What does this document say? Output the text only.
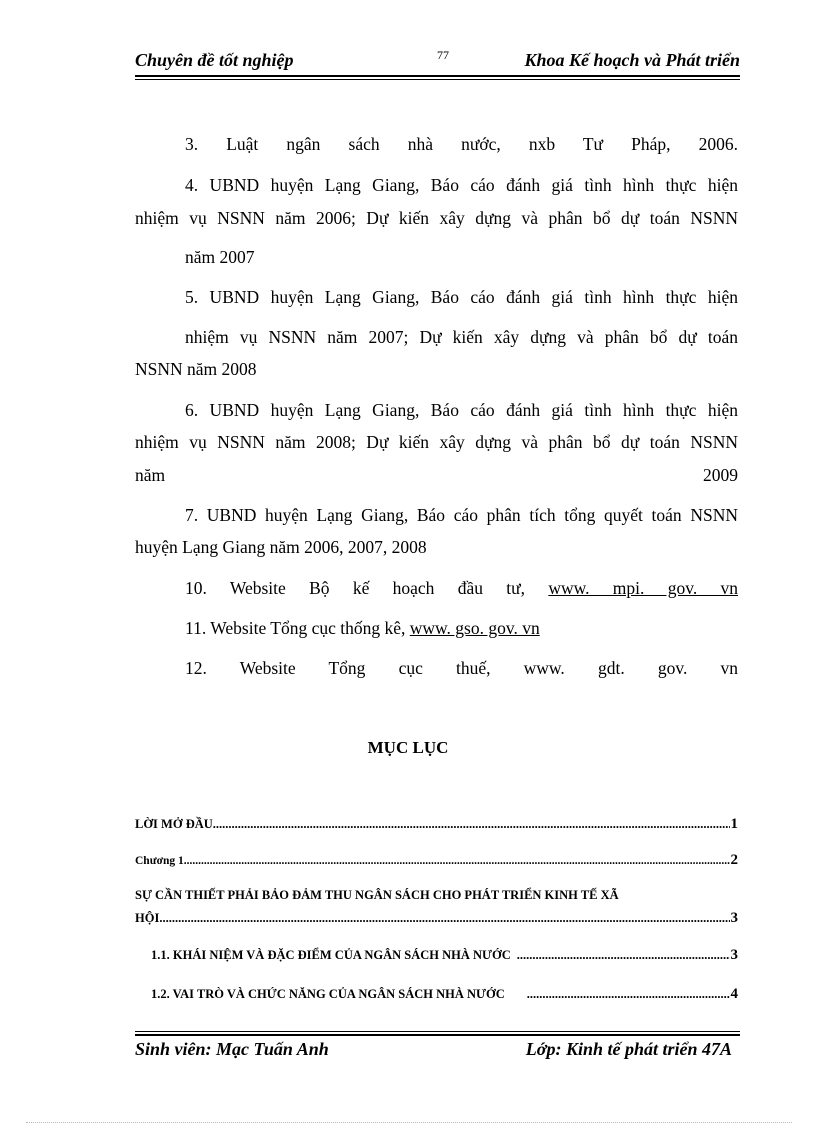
Chuyên đề tốt nghiệp	77	Khoa Kế hoạch và Phát triển
3. Luật ngân sách nhà nước, nxb Tư Pháp, 2006.
4. UBND huyện Lạng Giang, Báo cáo đánh giá tình hình thực hiện
nhiệm vụ NSNN năm 2006; Dự kiến xây dựng và phân bổ dự toán NSNN
năm 2007
5. UBND huyện Lạng Giang, Báo cáo đánh giá tình hình thực hiện
nhiệm vụ NSNN năm 2007; Dự kiến xây dựng và phân bổ dự toán
NSNN năm 2008
6. UBND huyện Lạng Giang, Báo cáo đánh giá tình hình thực hiện
nhiệm vụ NSNN năm 2008; Dự kiến xây dựng và phân bổ dự toán NSNN
năm	2009
7. UBND huyện Lạng Giang, Báo cáo phân tích tổng quyết toán NSNN
huyện Lạng Giang năm 2006, 2007, 2008
10. Website Bộ kế hoạch đầu tư, www. mpi. gov. vn
11. Website Tổng cục thống kê, www. gso. gov. vn
12. Website Tổng cục thuế, www. gdt. gov. vn
MỤC LỤC
LỜI MỞ ĐẦU .....	1
Chương 1 .....	2
SỰ CẦN THIẾT PHẢI BẢO ĐẢM THU NGÂN SÁCH CHO PHÁT TRIỂN KINH TẾ XÃ
HỘI .....	3
1.1. KHÁI NIỆM VÀ ĐẶC ĐIỂM CỦA NGÂN SÁCH NHÀ NƯỚC .....	3
1.2. VAI TRÒ VÀ CHỨC NĂNG CỦA NGÂN SÁCH NHÀ NƯỚC .....	4
Sinh viên: Mạc Tuấn Anh	Lớp: Kinh tế phát triển 47A
